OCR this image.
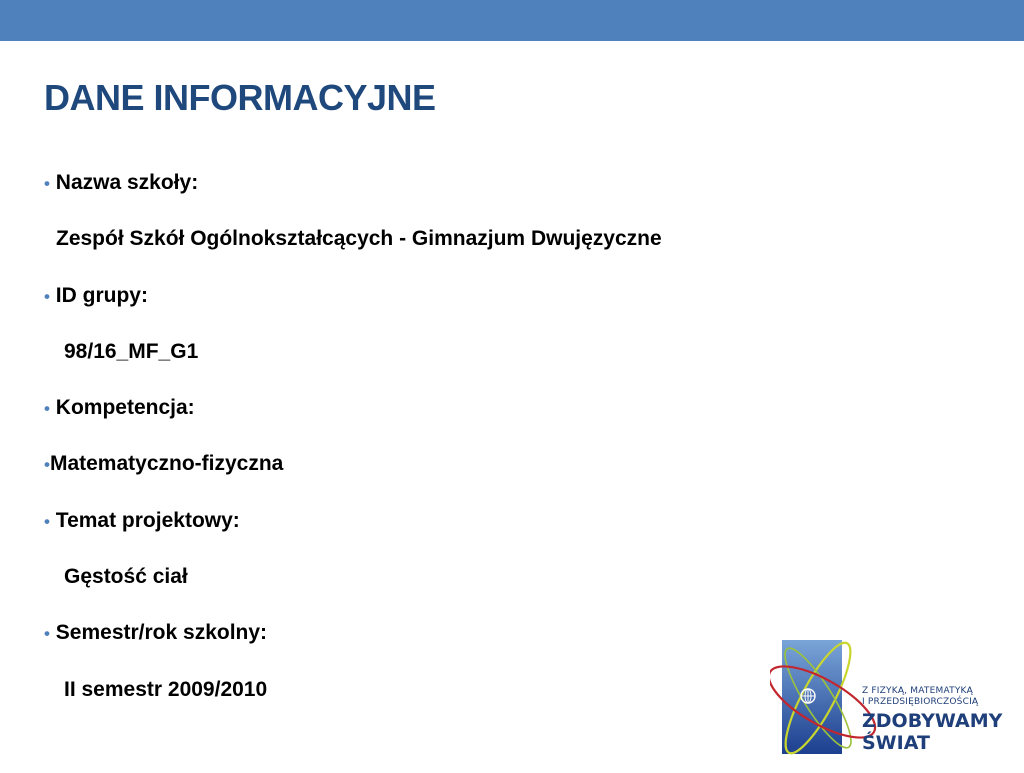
DANE INFORMACYJNE
• Nazwa szkoły:
Zespół Szkół Ogólnokształcących - Gimnazjum Dwujęzyczne
• ID grupy:
98/16_MF_G1
• Kompetencja:
•Matematyczno-fizyczna
• Temat projektowy:
Gęstość ciał
• Semestr/rok szkolny:
II semestr 2009/2010	Z FIZYKĄ, MATEMATYKĄ
I PRZEDSIĘBIORCZOŚCIĄ
ZDOBYWAMY
ŚWIAT
